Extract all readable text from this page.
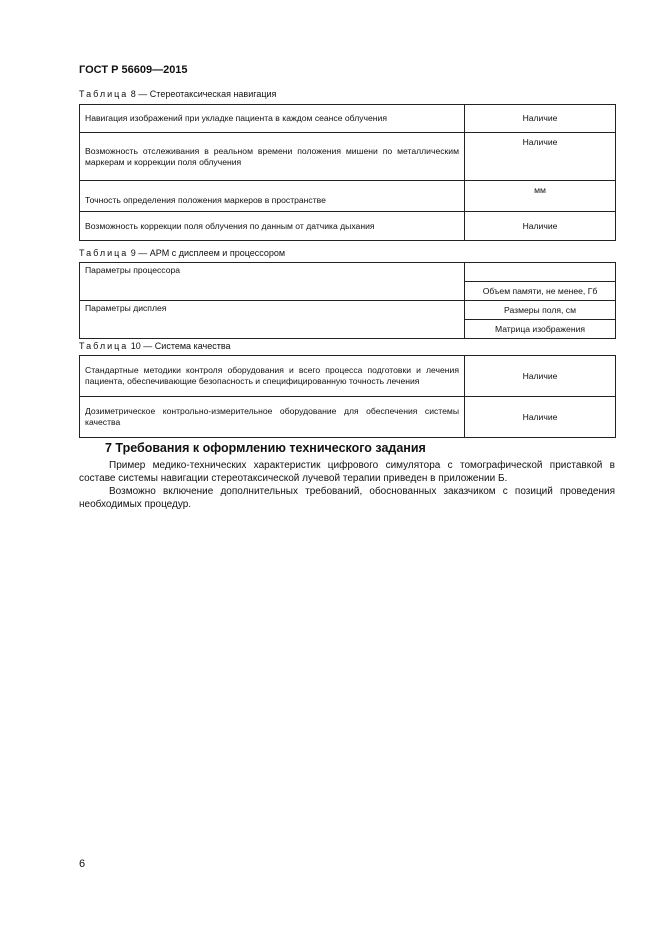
ГОСТ Р 56609—2015
Таблица 8 — Стереотаксическая навигация
Навигация изображений при укладке пациента в каждом сеансе облучения	Наличие
Возможность отслеживания в реальном времени положения мишени по металлическим маркерам и коррекции поля облучения	Наличие
Точность определения положения маркеров в пространстве	мм
Возможность коррекции поля облучения по данным от датчика дыхания	Наличие
Таблица 9 — АРМ с дисплеем и процессором
Параметры процессора	
	Объем памяти, не менее, Гб
Параметры дисплея	Размеры поля, см
	Матрица изображения
Таблица 10 — Система качества
Стандартные методики контроля оборудования и всего процесса подготовки и лечения пациента, обеспечивающие безопасность и специфицированную точность лечения	Наличие
Дозиметрическое контрольно-измерительное оборудование для обеспечения системы качества	Наличие
7 Требования к оформлению технического задания

Пример медико-технических характеристик цифрового симулятора с томографической приставкой в составе системы навигации стереотаксической лучевой терапии приведен в приложении Б.

Возможно включение дополнительных требований, обоснованных заказчиком с позиций проведения необходимых процедур.

6
